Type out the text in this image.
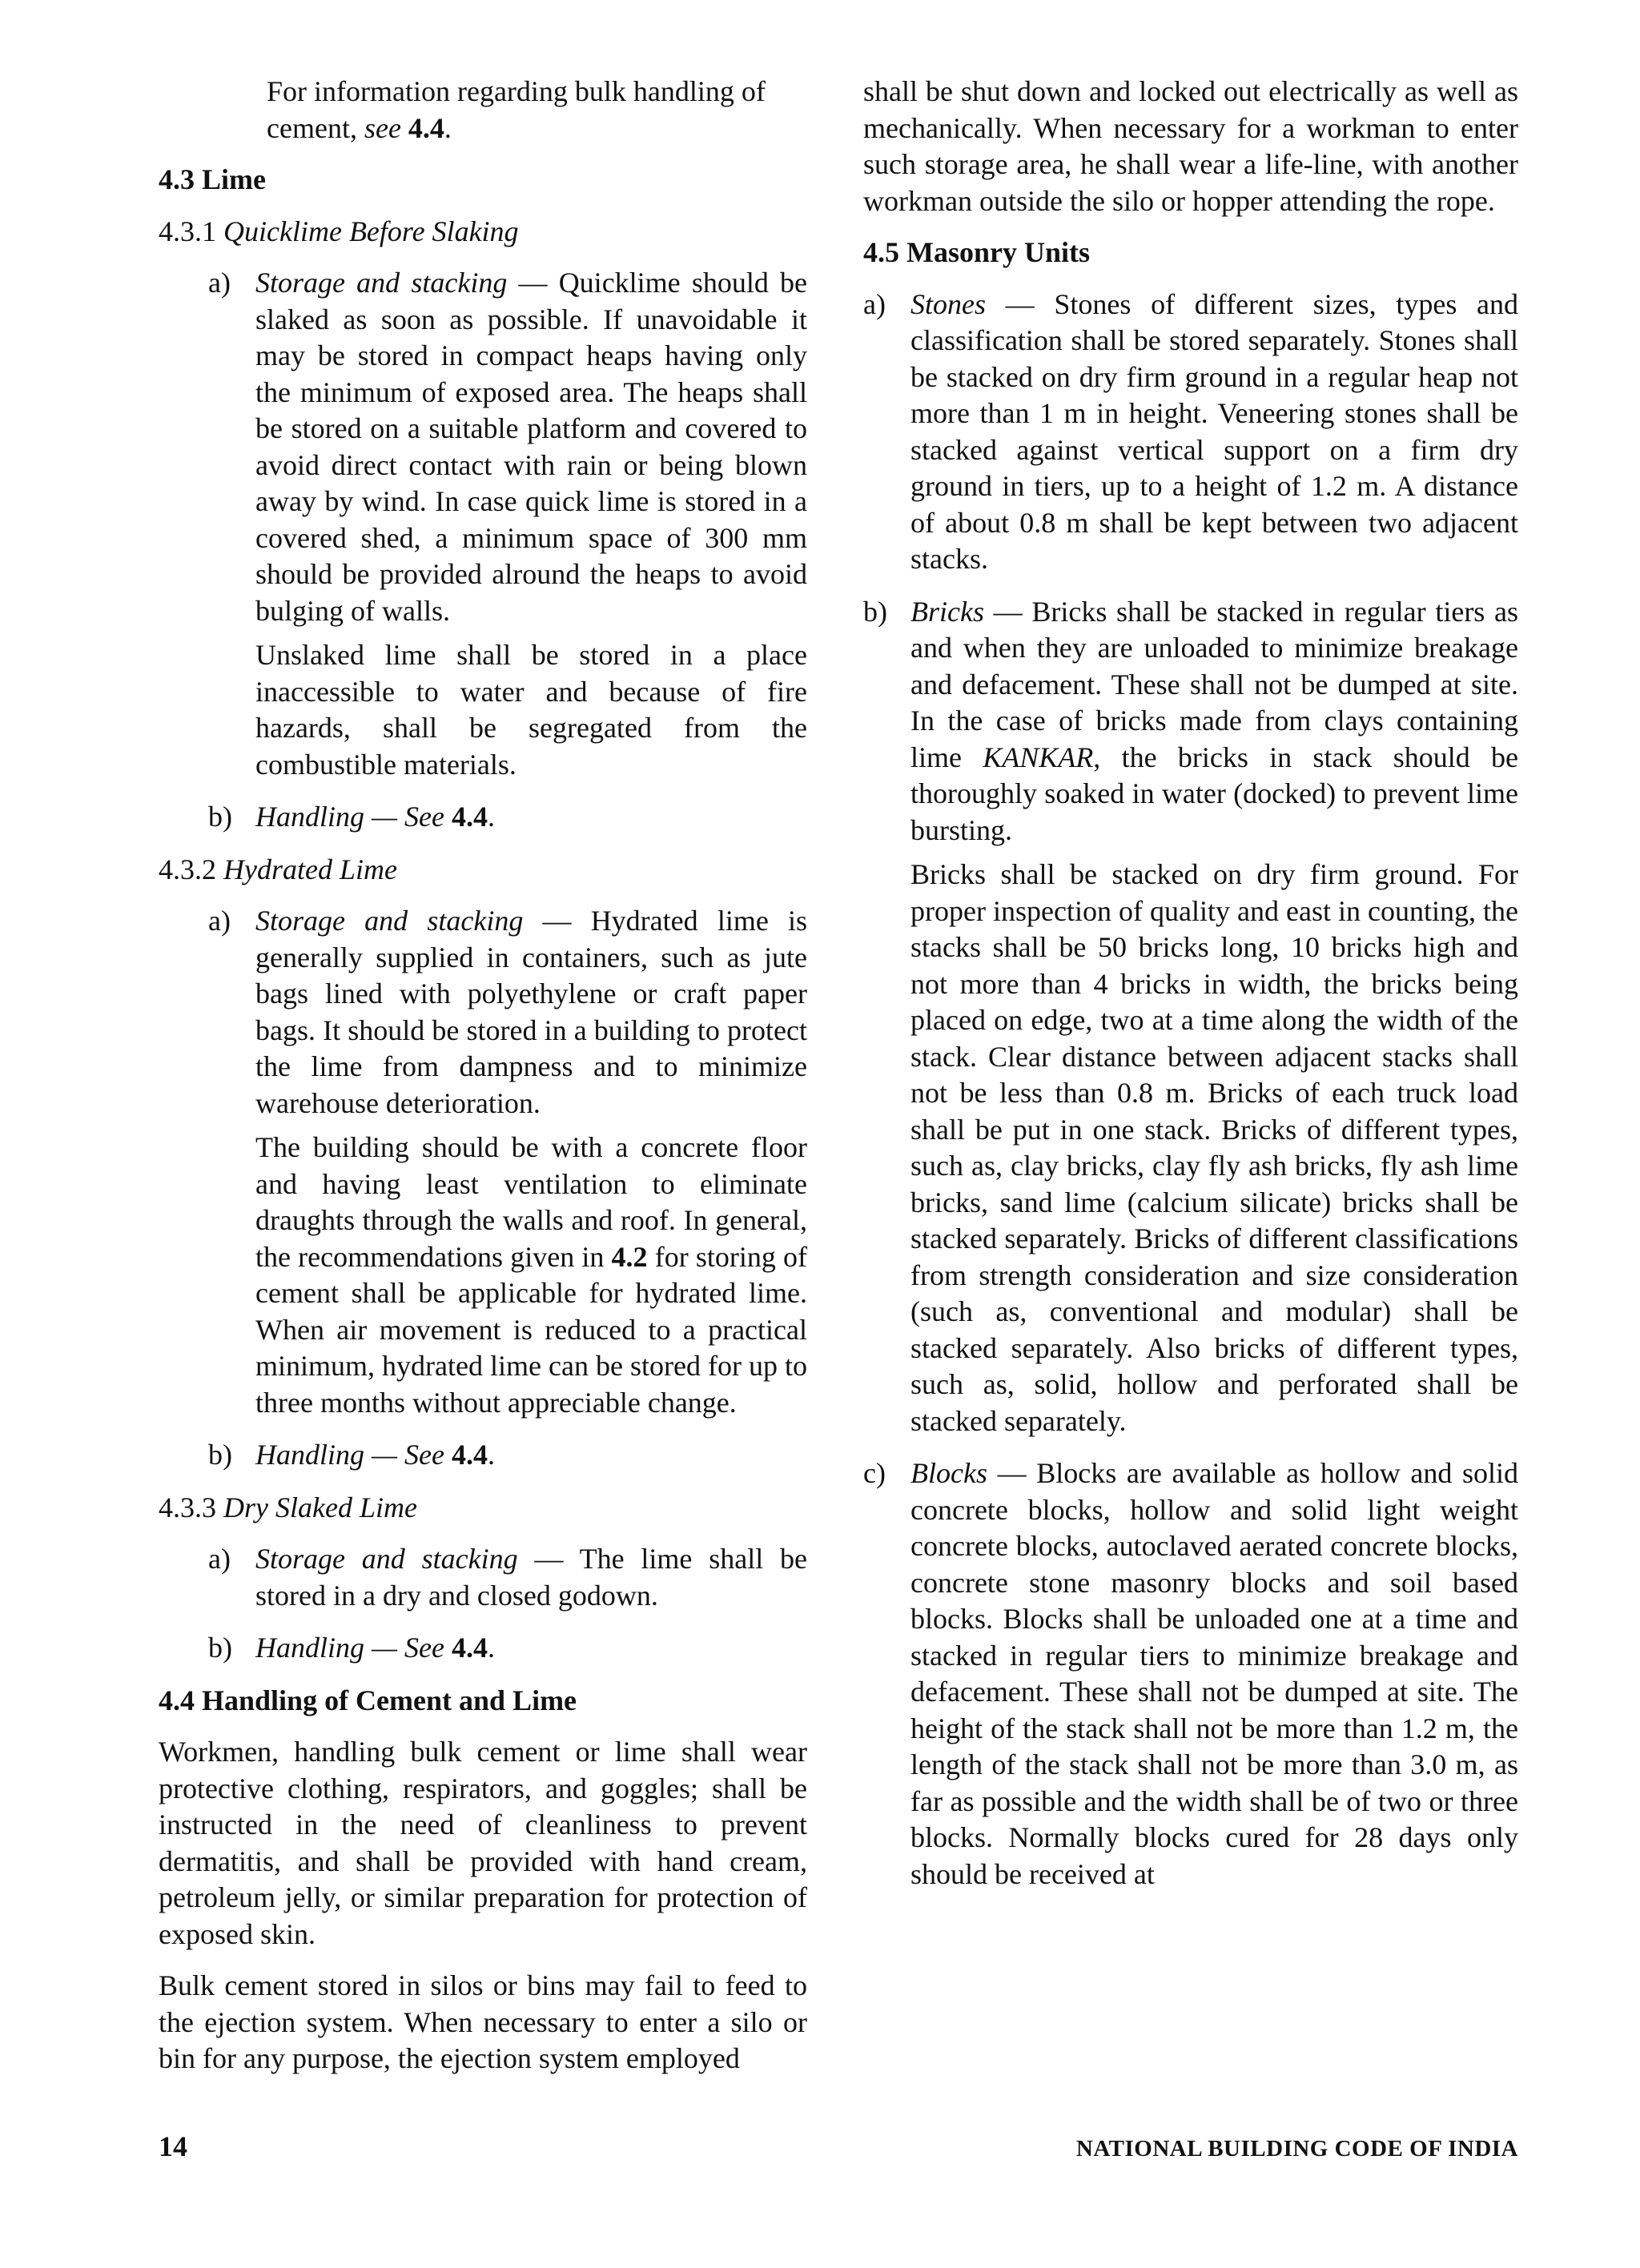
For information regarding bulk handling of cement, see 4.4.

4.3 Lime

4.3.1 Quicklime Before Slaking

a) Storage and stacking — Quicklime should be slaked as soon as possible. If unavoidable it may be stored in compact heaps having only the minimum of exposed area. The heaps shall be stored on a suitable platform and covered to avoid direct contact with rain or being blown away by wind. In case quick lime is stored in a covered shed, a minimum space of 300 mm should be provided alround the heaps to avoid bulging of walls.

Unslaked lime shall be stored in a place inaccessible to water and because of fire hazards, shall be segregated from the combustible materials.

b) Handling — See 4.4.

4.3.2 Hydrated Lime

a) Storage and stacking — Hydrated lime is generally supplied in containers, such as jute bags lined with polyethylene or craft paper bags. It should be stored in a building to protect the lime from dampness and to minimize warehouse deterioration.

The building should be with a concrete floor and having least ventilation to eliminate draughts through the walls and roof. In general, the recommendations given in 4.2 for storing of cement shall be applicable for hydrated lime. When air movement is reduced to a practical minimum, hydrated lime can be stored for up to three months without appreciable change.

b) Handling — See 4.4.

4.3.3 Dry Slaked Lime

a) Storage and stacking — The lime shall be stored in a dry and closed godown.

b) Handling — See 4.4.

4.4 Handling of Cement and Lime

Workmen, handling bulk cement or lime shall wear protective clothing, respirators, and goggles; shall be instructed in the need of cleanliness to prevent dermatitis, and shall be provided with hand cream, petroleum jelly, or similar preparation for protection of exposed skin.

Bulk cement stored in silos or bins may fail to feed to the ejection system. When necessary to enter a silo or bin for any purpose, the ejection system employed

shall be shut down and locked out electrically as well as mechanically. When necessary for a workman to enter such storage area, he shall wear a life-line, with another workman outside the silo or hopper attending the rope.

4.5 Masonry Units

a) Stones — Stones of different sizes, types and classification shall be stored separately. Stones shall be stacked on dry firm ground in a regular heap not more than 1 m in height. Veneering stones shall be stacked against vertical support on a firm dry ground in tiers, up to a height of 1.2 m. A distance of about 0.8 m shall be kept between two adjacent stacks.

b) Bricks — Bricks shall be stacked in regular tiers as and when they are unloaded to minimize breakage and defacement. These shall not be dumped at site. In the case of bricks made from clays containing lime KANKAR, the bricks in stack should be thoroughly soaked in water (docked) to prevent lime bursting.

Bricks shall be stacked on dry firm ground. For proper inspection of quality and east in counting, the stacks shall be 50 bricks long, 10 bricks high and not more than 4 bricks in width, the bricks being placed on edge, two at a time along the width of the stack. Clear distance between adjacent stacks shall not be less than 0.8 m. Bricks of each truck load shall be put in one stack. Bricks of different types, such as, clay bricks, clay fly ash bricks, fly ash lime bricks, sand lime (calcium silicate) bricks shall be stacked separately. Bricks of different classifications from strength consideration and size consideration (such as, conventional and modular) shall be stacked separately. Also bricks of different types, such as, solid, hollow and perforated shall be stacked separately.

c) Blocks — Blocks are available as hollow and solid concrete blocks, hollow and solid light weight concrete blocks, autoclaved aerated concrete blocks, concrete stone masonry blocks and soil based blocks. Blocks shall be unloaded one at a time and stacked in regular tiers to minimize breakage and defacement. These shall not be dumped at site. The height of the stack shall not be more than 1.2 m, the length of the stack shall not be more than 3.0 m, as far as possible and the width shall be of two or three blocks. Normally blocks cured for 28 days only should be received at

14	NATIONAL BUILDING CODE OF INDIA
